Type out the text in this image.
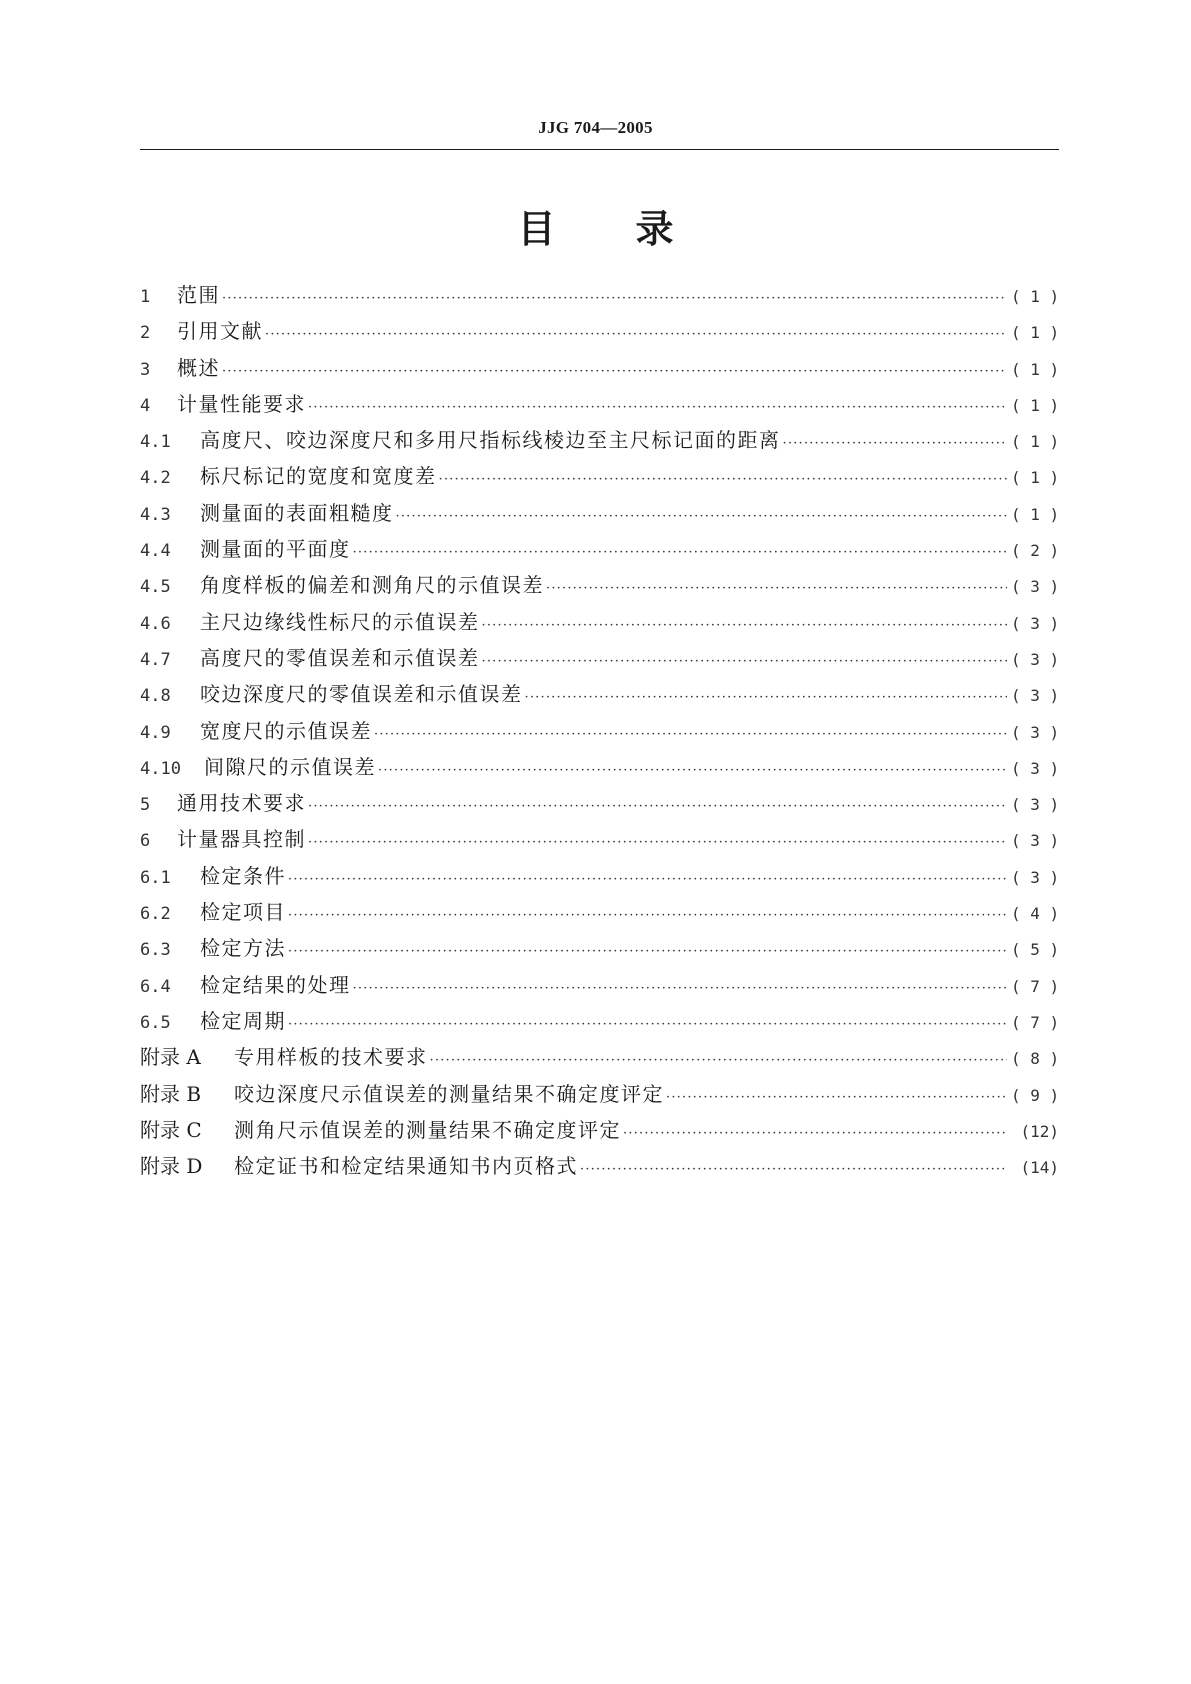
JJG 704—2005
目录
1	范围 ·····	( 1 )
2	引用文献 ·····	( 1 )
3	概述 ·····	( 1 )
4	计量性能要求 ·····	( 1 )
4.1	高度尺、咬边深度尺和多用尺指标线棱边至主尺标记面的距离 ·····	( 1 )
4.2	标尺标记的宽度和宽度差 ·····	( 1 )
4.3	测量面的表面粗糙度 ·····	( 1 )
4.4	测量面的平面度 ·····	( 2 )
4.5	角度样板的偏差和测角尺的示值误差 ·····	( 3 )
4.6	主尺边缘线性标尺的示值误差 ·····	( 3 )
4.7	高度尺的零值误差和示值误差 ·····	( 3 )
4.8	咬边深度尺的零值误差和示值误差 ·····	( 3 )
4.9	宽度尺的示值误差 ·····	( 3 )
4.10	间隙尺的示值误差 ·····	( 3 )
5	通用技术要求 ·····	( 3 )
6	计量器具控制 ·····	( 3 )
6.1	检定条件 ·····	( 3 )
6.2	检定项目 ·····	( 4 )
6.3	检定方法 ·····	( 5 )
6.4	检定结果的处理 ·····	( 7 )
6.5	检定周期 ·····	( 7 )
附录 A	专用样板的技术要求 ·····	( 8 )
附录 B	咬边深度尺示值误差的测量结果不确定度评定 ·····	( 9 )
附录 C	测角尺示值误差的测量结果不确定度评定 ·····	(12)
附录 D	检定证书和检定结果通知书内页格式 ·····	(14)
